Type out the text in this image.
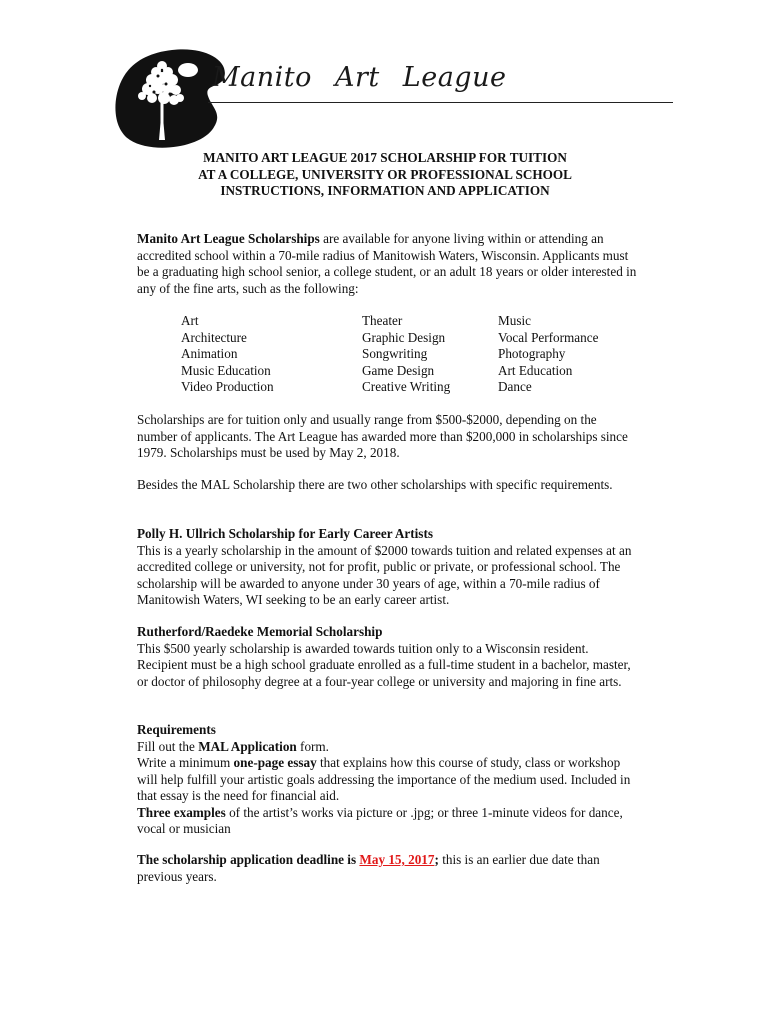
Manito Art League
MANITO ART LEAGUE 2017 SCHOLARSHIP FOR TUITION
AT A COLLEGE, UNIVERSITY OR PROFESSIONAL SCHOOL
INSTRUCTIONS, INFORMATION AND APPLICATION
Manito Art League Scholarships are available for anyone living within or attending an accredited school within a 70-mile radius of Manitowish Waters, Wisconsin. Applicants must be a graduating high school senior, a college student, or an adult 18 years or older interested in any of the fine arts, such as the following:
Art
Architecture
Animation
Music Education
Video Production
Theater
Graphic Design
Songwriting
Game Design
Creative Writing
Music
Vocal Performance
Photography
Art Education
Dance
Scholarships are for tuition only and usually range from $500-$2000, depending on the number of applicants. The Art League has awarded more than $200,000 in scholarships since 1979. Scholarships must be used by May 2, 2018.
Besides the MAL Scholarship there are two other scholarships with specific requirements.
Polly H. Ullrich Scholarship for Early Career Artists
This is a yearly scholarship in the amount of $2000 towards tuition and related expenses at an accredited college or university, not for profit, public or private, or professional school. The scholarship will be awarded to anyone under 30 years of age, within a 70-mile radius of Manitowish Waters, WI seeking to be an early career artist.
Rutherford/Raedeke Memorial Scholarship
This $500 yearly scholarship is awarded towards tuition only to a Wisconsin resident. Recipient must be a high school graduate enrolled as a full-time student in a bachelor, master, or doctor of philosophy degree at a four-year college or university and majoring in fine arts.
Requirements
Fill out the MAL Application form.
Write a minimum one-page essay that explains how this course of study, class or workshop will help fulfill your artistic goals addressing the importance of the medium used. Included in that essay is the need for financial aid.
Three examples of the artist’s works via picture or .jpg; or three 1-minute videos for dance, vocal or musician
The scholarship application deadline is May 15, 2017; this is an earlier due date than previous years.
